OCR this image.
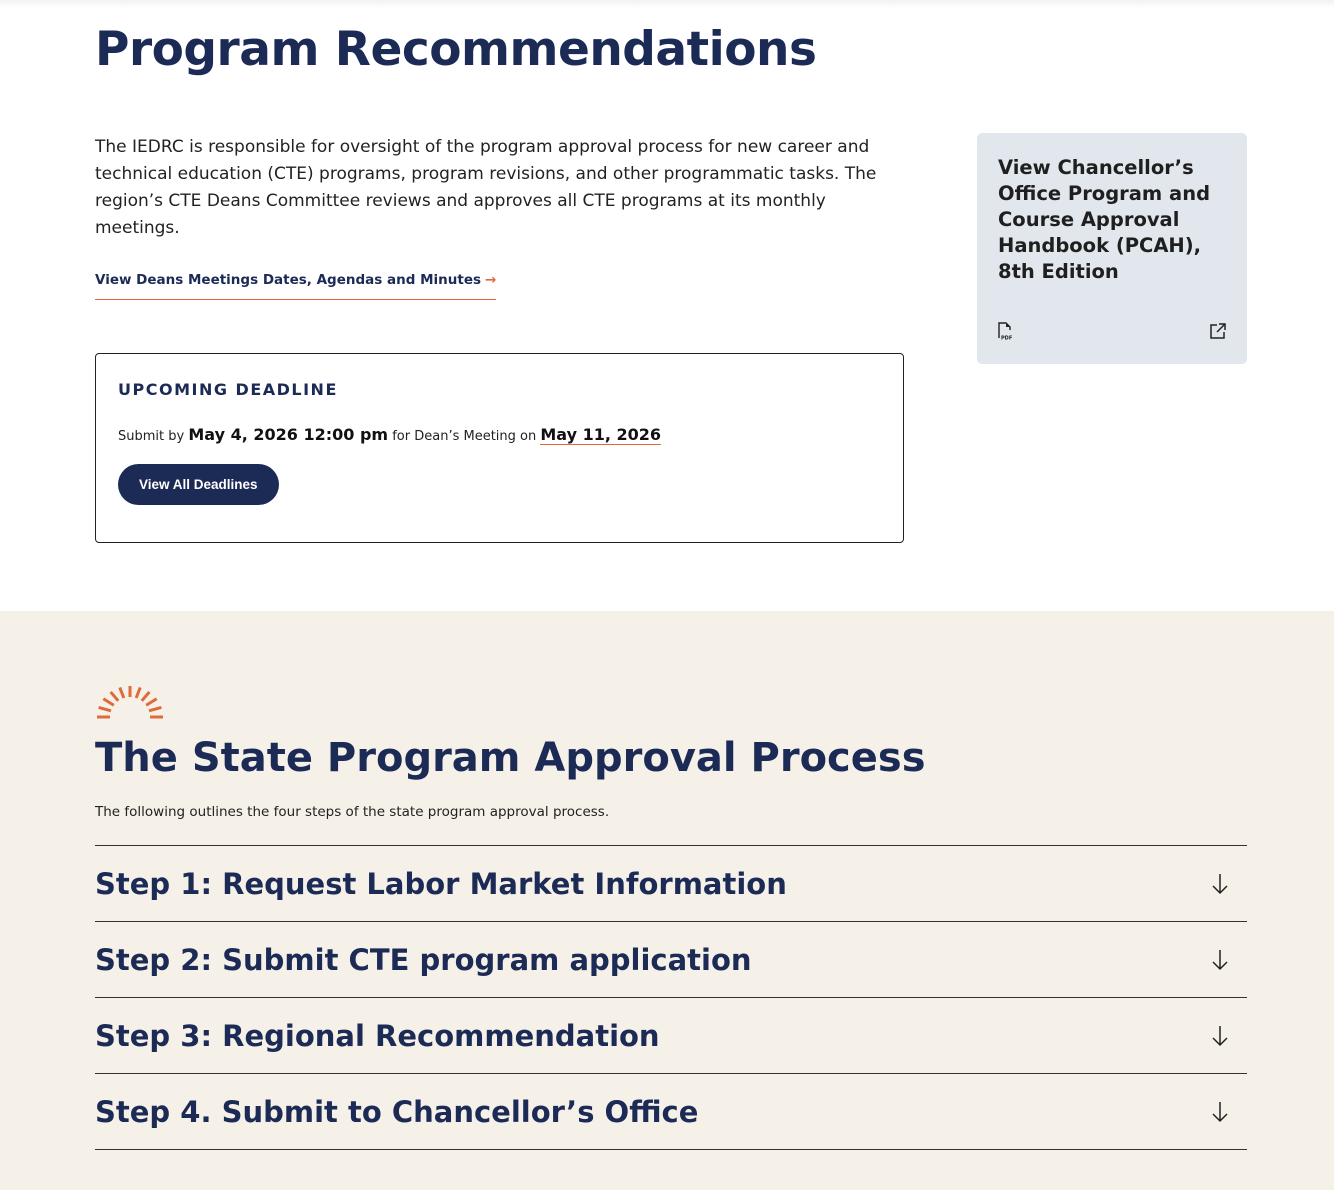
Program Recommendations

The IEDRC is responsible for oversight of the program approval process for new career and technical education (CTE) programs, program revisions, and other programmatic tasks. The region’s CTE Deans Committee reviews and approves all CTE programs at its monthly meetings.

View Deans Meetings Dates, Agendas and Minutes →
UPCOMING DEADLINE
Submit by May 4, 2026 12:00 pm for Dean’s Meeting on May 11, 2026
View All Deadlines
View Chancellor’s Office Program and Course Approval Handbook (PCAH), 8th Edition
PDF
The State Program Approval Process

The following outlines the four steps of the state program approval process.

Step 1: Request Labor Market Information
Step 2: Submit CTE program application
Step 3: Regional Recommendation
Step 4. Submit to Chancellor’s Office
